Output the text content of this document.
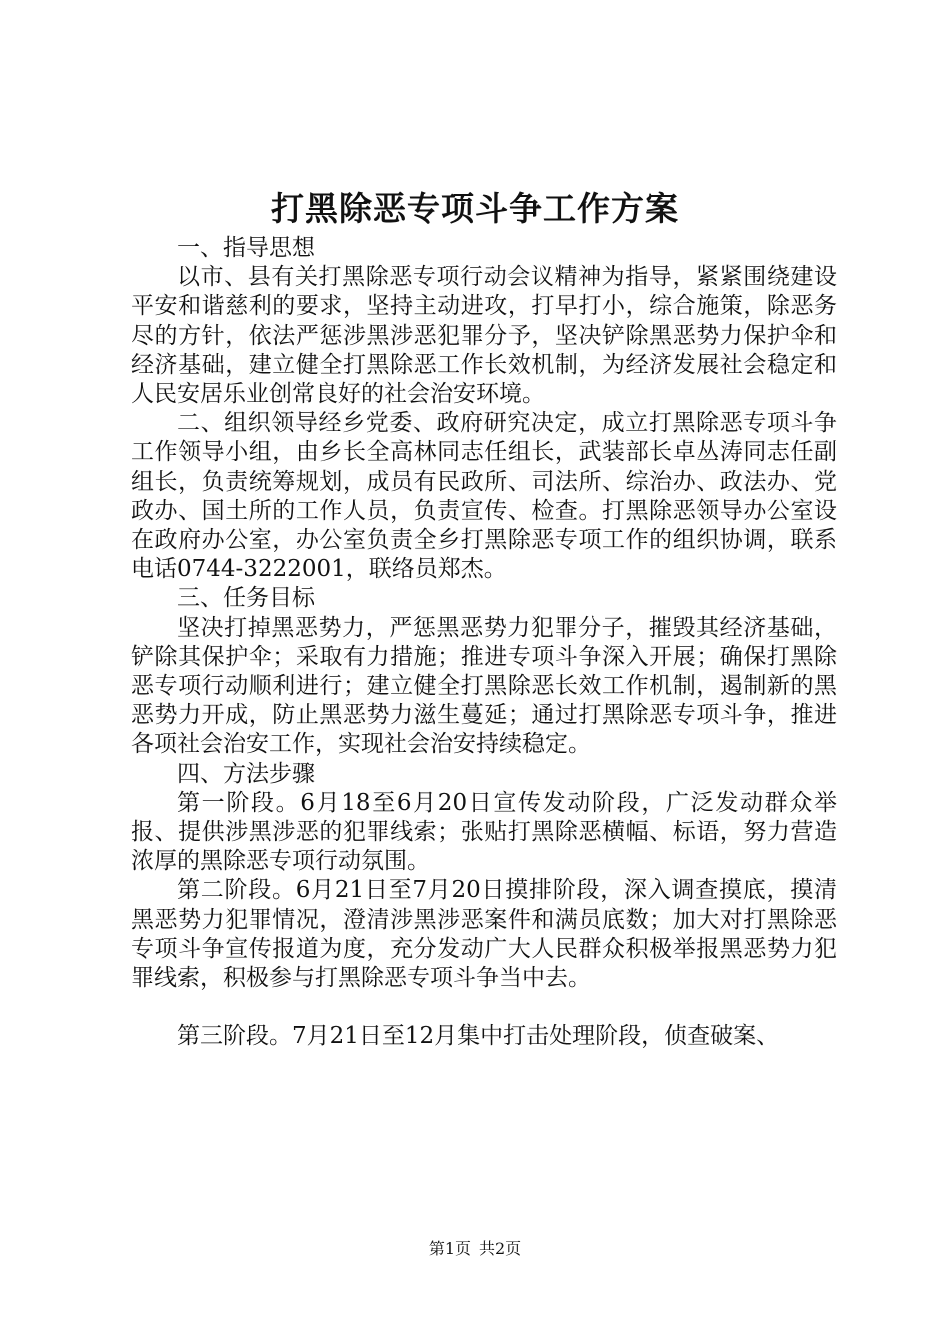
打黑除恶专项斗争工作方案

一、指导思想

以市、县有关打黑除恶专项行动会议精神为指导，紧紧围绕建设平安和谐慈利的要求，坚持主动进攻，打早打小，综合施策，除恶务尽的方针，依法严惩涉黑涉恶犯罪分予，坚决铲除黑恶势力保护伞和经济基础，建立健全打黑除恶工作长效机制，为经济发展社会稳定和人民安居乐业创常良好的社会治安环境。

二、组织领导经乡党委、政府研究决定，成立打黑除恶专项斗争工作领导小组，由乡长全高林同志任组长，武装部长卓丛涛同志任副组长，负责统筹规划，成员有民政所、司法所、综治办、政法办、党政办、国土所的工作人员，负责宣传、检查。打黑除恶领导办公室设在政府办公室，办公室负责全乡打黑除恶专项工作的组织协调，联系电话0744-3222001，联络员郑杰。

三、任务目标

坚决打掉黑恶势力，严惩黑恶势力犯罪分子，摧毁其经济基础，铲除其保护伞；采取有力措施；推进专项斗争深入开展；确保打黑除恶专项行动顺利进行；建立健全打黑除恶长效工作机制，遏制新的黑恶势力开成，防止黑恶势力滋生蔓延；通过打黑除恶专项斗争，推进各项社会治安工作，实现社会治安持续稳定。

四、方法步骤

第一阶段。6月18至6月20日宣传发动阶段，广泛发动群众举报、提供涉黑涉恶的犯罪线索；张贴打黑除恶横幅、标语，努力营造浓厚的黑除恶专项行动氛围。

第二阶段。6月21日至7月20日摸排阶段，深入调查摸底，摸清黑恶势力犯罪情况，澄清涉黑涉恶案件和满员底数；加大对打黑除恶专项斗争宣传报道为度，充分发动广大人民群众积极举报黑恶势力犯罪线索，积极参与打黑除恶专项斗争当中去。

第三阶段。7月21日至12月集中打击处理阶段，侦查破案、

第1页 共2页
